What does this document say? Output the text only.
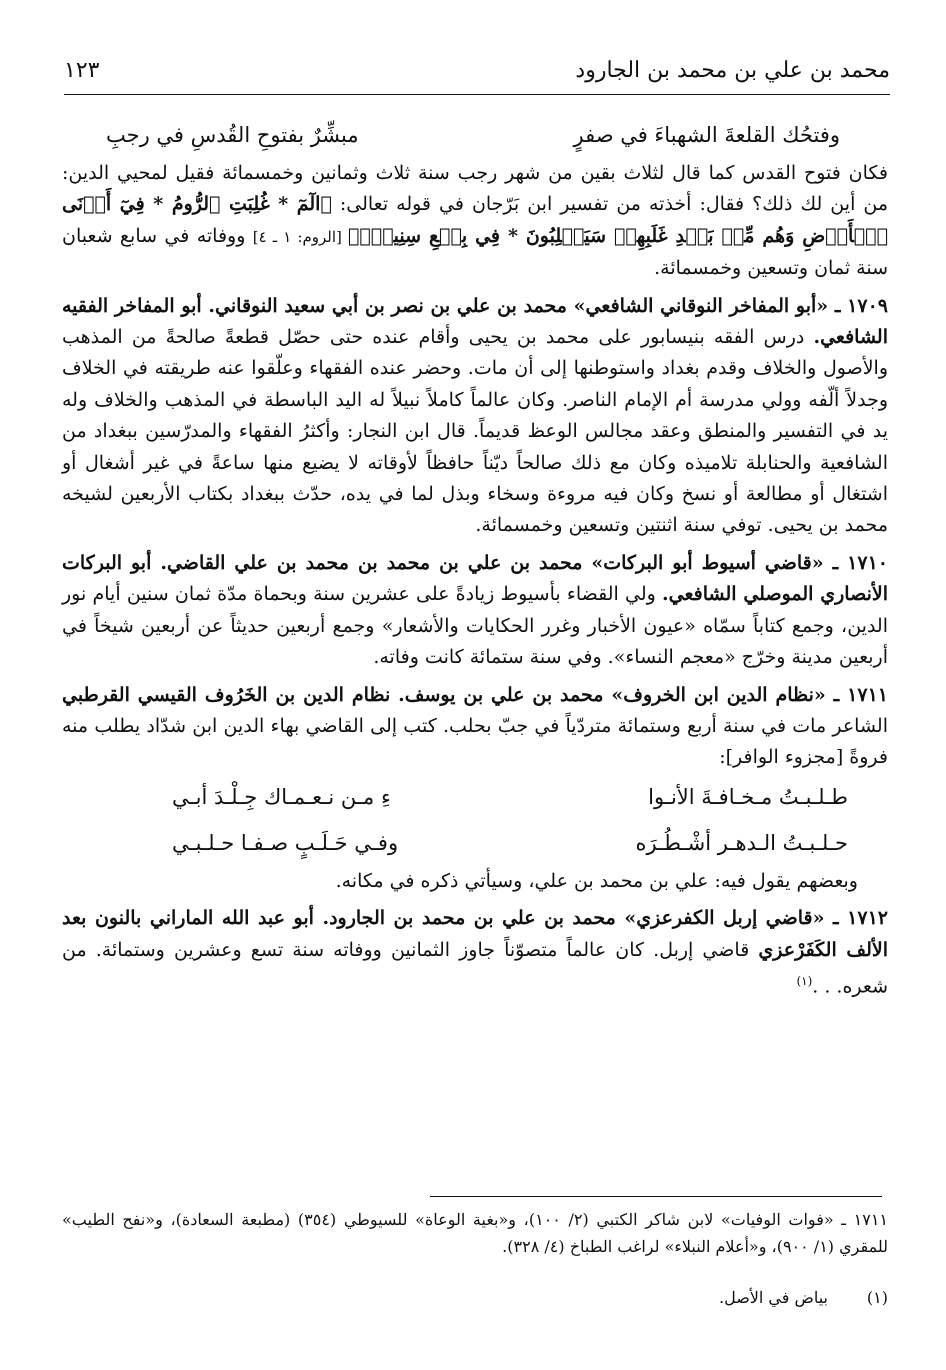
محمد بن علي بن محمد بن الجارود
١٢٣
وفتحُك القلعةَ الشهباءَ في صفرٍ
مبشِّرٌ بفتوحِ القُدسِ في رجبِ

فكان فتوح القدس كما قال لثلاث بقين من شهر رجب سنة ثلاث وثمانين وخمسمائة فقيل لمحيي الدين: من أين لك ذلك؟ فقال: أخذته من تفسير ابن بَرّجان في قوله تعالى: ﴿الٓمٓ * غُلِبَتِ ٱلرُّومُ * فِيٓ أَدۡنَى ٱلۡأَرۡضِ وَهُم مِّنۢ بَعۡدِ غَلَبِهِمۡ سَيَغۡلِبُونَ * فِي بِضۡعِ سِنِينَۗ﴾ [الروم: ١ ـ ٤] ووفاته في سابع شعبان سنة ثمان وتسعين وخمسمائة.

١٧٠٩ ـ «أبو المفاخر النوقاني الشافعي» محمد بن علي بن نصر بن أبي سعيد النوقاني. أبو المفاخر الفقيه الشافعي. درس الفقه بنيسابور على محمد بن يحيى وأقام عنده حتى حصّل قطعةً صالحةً من المذهب والأصول والخلاف وقدم بغداد واستوطنها إلى أن مات. وحضر عنده الفقهاء وعلّقوا عنه طريقته في الخلاف وجدلاً ألّفه وولي مدرسة أم الإمام الناصر. وكان عالماً كاملاً نبيلاً له اليد الباسطة في المذهب والخلاف وله يد في التفسير والمنطق وعقد مجالس الوعظ قديماً. قال ابن النجار: وأكثرُ الفقهاء والمدرّسين ببغداد من الشافعية والحنابلة تلاميذه وكان مع ذلك صالحاً ديّناً حافظاً لأوقاته لا يضيع منها ساعةً في غير أشغال أو اشتغال أو مطالعة أو نسخ وكان فيه مروءة وسخاء وبذل لما في يده، حدّث ببغداد بكتاب الأربعين لشيخه محمد بن يحيى. توفي سنة اثنتين وتسعين وخمسمائة.

١٧١٠ ـ «قاضي أسيوط أبو البركات» محمد بن علي بن محمد بن محمد بن علي القاضي. أبو البركات الأنصاري الموصلي الشافعي. ولي القضاء بأسيوط زيادةً على عشرين سنة وبحماة مدّة ثمان سنين أيام نور الدين، وجمع كتاباً سمّاه «عيون الأخبار وغرر الحكايات والأشعار» وجمع أربعين حديثاً عن أربعين شيخاً في أربعين مدينة وخرّج «معجم النساء». وفي سنة ستمائة كانت وفاته.

١٧١١ ـ «نظام الدين ابن الخروف» محمد بن علي بن يوسف. نظام الدين بن الخَرُوف القيسي القرطبي الشاعر مات في سنة أربع وستمائة متردّياً في جبّ بحلب. كتب إلى القاضي بهاء الدين ابن شدّاد يطلب منه فروةً [مجزوء الوافر]:

طـلـبـتُ مـخـافـةَ الأنـوا
ءِ مـن نـعـمـاك جِـلْـدَ أبـي
حـلـبـتُ الـدهـر أشْـطُـرَه
وفـي حَـلَـبٍ صـفـا حـلـبـي

وبعضهم يقول فيه: علي بن محمد بن علي، وسيأتي ذكره في مكانه.

١٧١٢ ـ «قاضي إربل الكفرعزي» محمد بن علي بن محمد بن الجارود. أبو عبد الله الماراني بالنون بعد الألف الكَفَرْعزي قاضي إربل. كان عالماً متصوّناً جاوز الثمانين ووفاته سنة تسع وعشرين وستمائة. من شعره. . .$^{(١)}$

١٧١١ ـ «فوات الوفيات» لابن شاكر الكتبي (٢/ ١٠٠)، و«بغية الوعاة» للسيوطي (٣٥٤) (مطبعة السعادة)، و«نفح الطيب» للمقري (١/ ٩٠٠)، و«أعلام النبلاء» لراغب الطباخ (٤/ ٣٢٨).

(١)بياض في الأصل.
